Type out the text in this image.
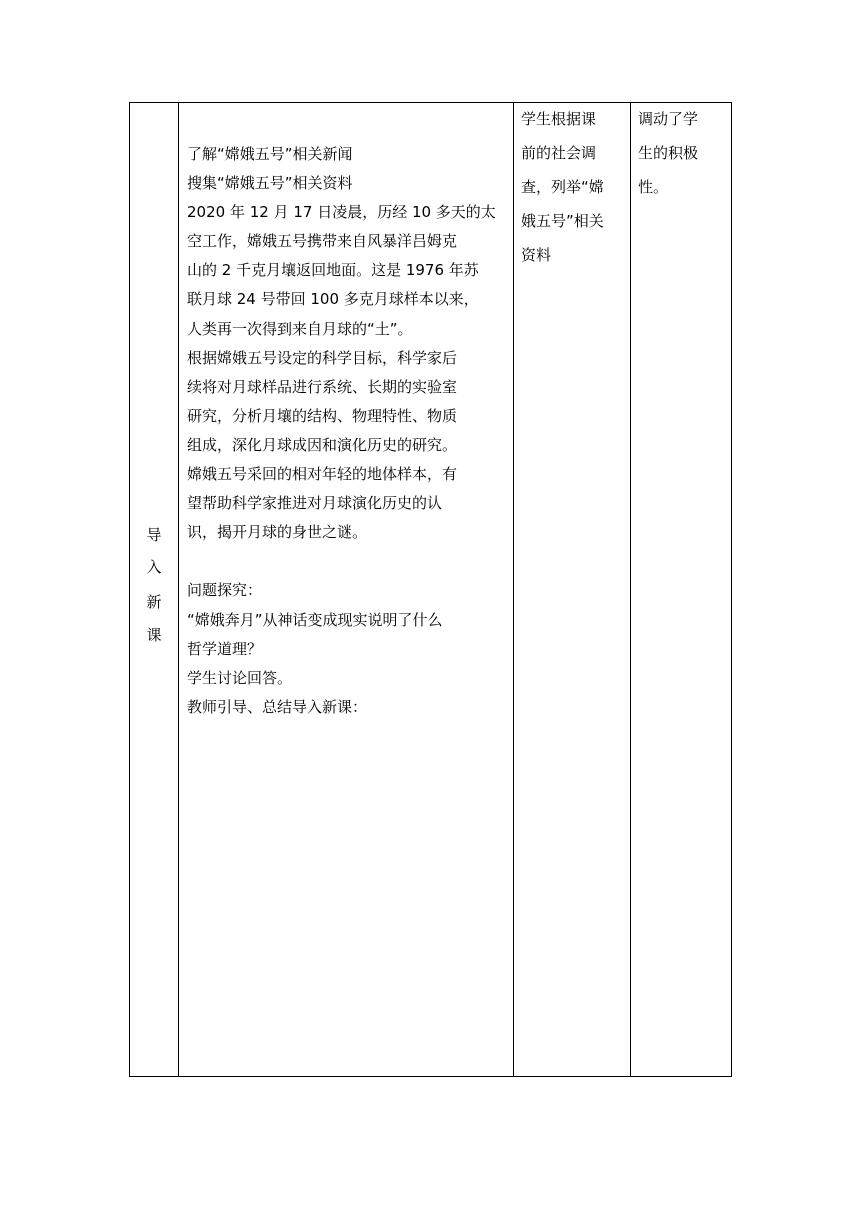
导
入
新
课
了解“嫦娥五号”相关新闻
搜集“嫦娥五号”相关资料
2020 年 12 月 17 日凌晨，历经 10 多天的太
空工作，嫦娥五号携带来自风暴洋吕姆克
山的 2 千克月壤返回地面。这是 1976 年苏
联月球 24 号带回 100 多克月球样本以来，
人类再一次得到来自月球的“土”。
根据嫦娥五号设定的科学目标，科学家后
续将对月球样品进行系统、长期的实验室
研究，分析月壤的结构、物理特性、物质
组成，深化月球成因和演化历史的研究。
嫦娥五号采回的相对年轻的地体样本，有
望帮助科学家推进对月球演化历史的认
识，揭开月球的身世之谜。
问题探究：
“嫦娥奔月”从神话变成现实说明了什么
哲学道理？
学生讨论回答。
教师引导、总结导入新课：
学生根据课
前的社会调
查，列举“嫦
娥五号”相关
资料
调动了学
生的积极
性。
